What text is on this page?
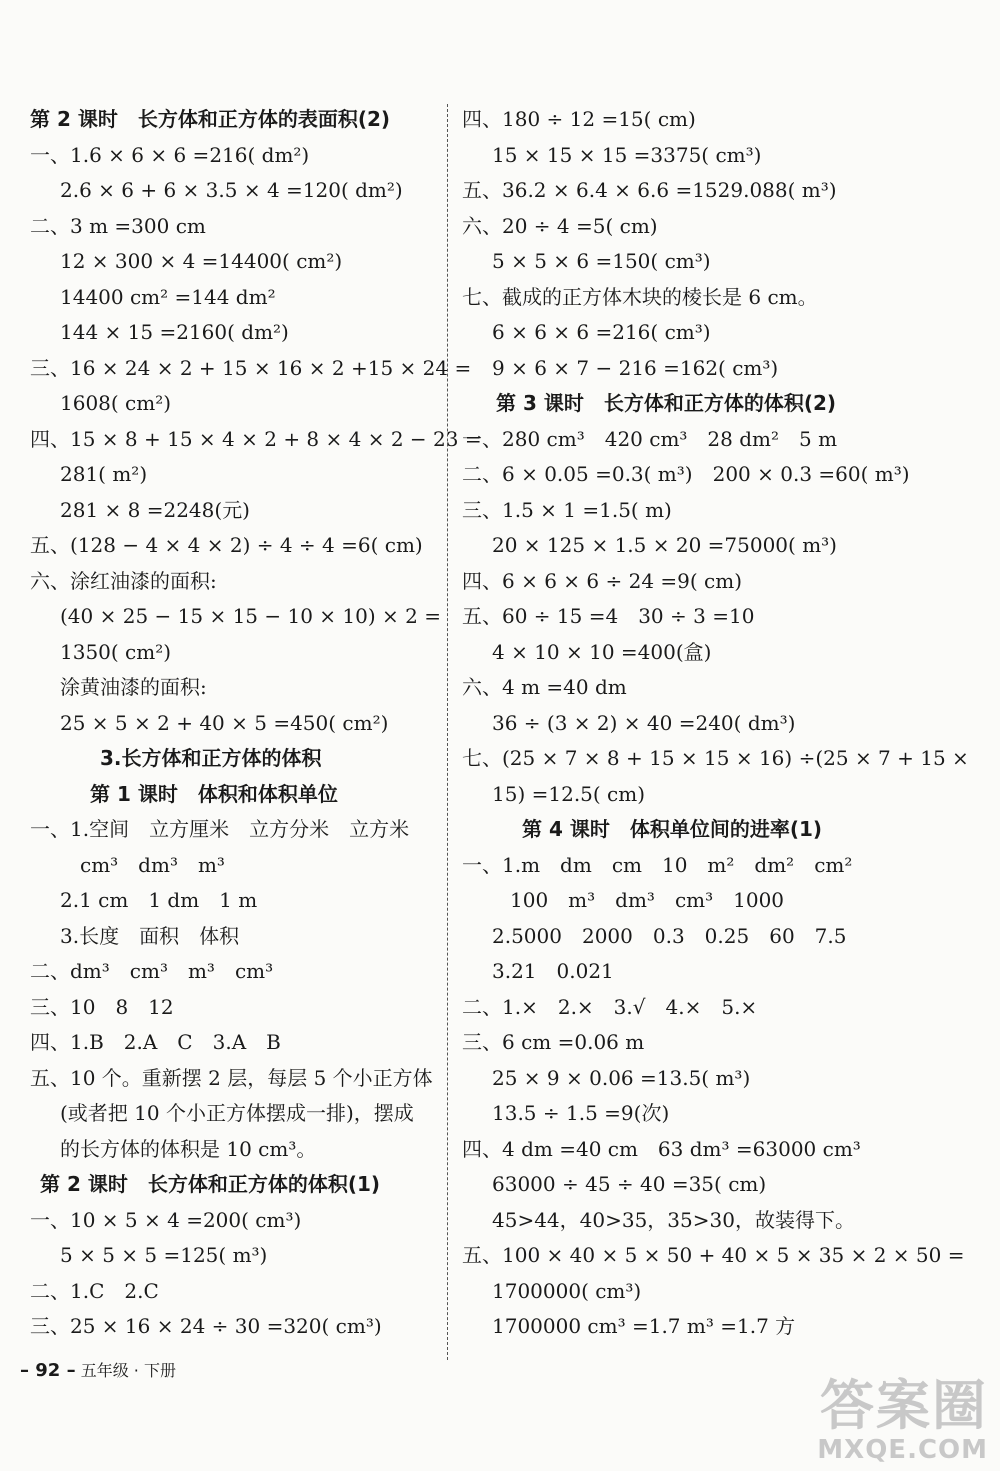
第 2 课时　长方体和正方体的表面积(2)
一、1.6 × 6 × 6 =216( dm²)
2.6 × 6 + 6 × 3.5 × 4 =120( dm²)
二、3 m =300 cm
12 × 300 × 4 =14400( cm²)
14400 cm² =144 dm²
144 × 15 =2160( dm²)
三、16 × 24 × 2 + 15 × 16 × 2 +15 × 24 =
1608( cm²)
四、15 × 8 + 15 × 4 × 2 + 8 × 4 × 2 − 23 =
281( m²)
281 × 8 =2248(元)
五、(128 − 4 × 4 × 2) ÷ 4 ÷ 4 =6( cm)
六、涂红油漆的面积:
(40 × 25 − 15 × 15 − 10 × 10) × 2 =
1350( cm²)
涂黄油漆的面积:
25 × 5 × 2 + 40 × 5 =450( cm²)
3.长方体和正方体的体积
第 1 课时　体积和体积单位
一、1.空间　立方厘米　立方分米　立方米
cm³　dm³　m³
2.1 cm　1 dm　1 m
3.长度　面积　体积
二、dm³　cm³　m³　cm³
三、10　8　12
四、1.B　2.A　C　3.A　B
五、10 个。重新摆 2 层，每层 5 个小正方体
(或者把 10 个小正方体摆成一排)，摆成
的长方体的体积是 10 cm³。
第 2 课时　长方体和正方体的体积(1)
一、10 × 5 × 4 =200( cm³)
5 × 5 × 5 =125( m³)
二、1.C　2.C
三、25 × 16 × 24 ÷ 30 =320( cm³)
四、180 ÷ 12 =15( cm)
15 × 15 × 15 =3375( cm³)
五、36.2 × 6.4 × 6.6 =1529.088( m³)
六、20 ÷ 4 =5( cm)
5 × 5 × 6 =150( cm³)
七、截成的正方体木块的棱长是 6 cm。
6 × 6 × 6 =216( cm³)
9 × 6 × 7 − 216 =162( cm³)
第 3 课时　长方体和正方体的体积(2)
一、280 cm³　420 cm³　28 dm²　5 m
二、6 × 0.05 =0.3( m³)　200 × 0.3 =60( m³)
三、1.5 × 1 =1.5( m)
20 × 125 × 1.5 × 20 =75000( m³)
四、6 × 6 × 6 ÷ 24 =9( cm)
五、60 ÷ 15 =4　30 ÷ 3 =10
4 × 10 × 10 =400(盒)
六、4 m =40 dm
36 ÷ (3 × 2) × 40 =240( dm³)
七、(25 × 7 × 8 + 15 × 15 × 16) ÷(25 × 7 + 15 ×
15) =12.5( cm)
第 4 课时　体积单位间的进率(1)
一、1.m　dm　cm　10　m²　dm²　cm²
100　m³　dm³　cm³　1000
2.5000　2000　0.3　0.25　60　7.5
3.21　0.021
二、1.×　2.×　3.√　4.×　5.×
三、6 cm =0.06 m
25 × 9 × 0.06 =13.5( m³)
13.5 ÷ 1.5 =9(次)
四、4 dm =40 cm　63 dm³ =63000 cm³
63000 ÷ 45 ÷ 40 =35( cm)
45>44，40>35，35>30，故装得下。
五、100 × 40 × 5 × 50 + 40 × 5 × 35 × 2 × 50 =
1700000( cm³)
1700000 cm³ =1.7 m³ =1.7 方
– 92 – 五年级 · 下册
答案圈
MXQE.COM
